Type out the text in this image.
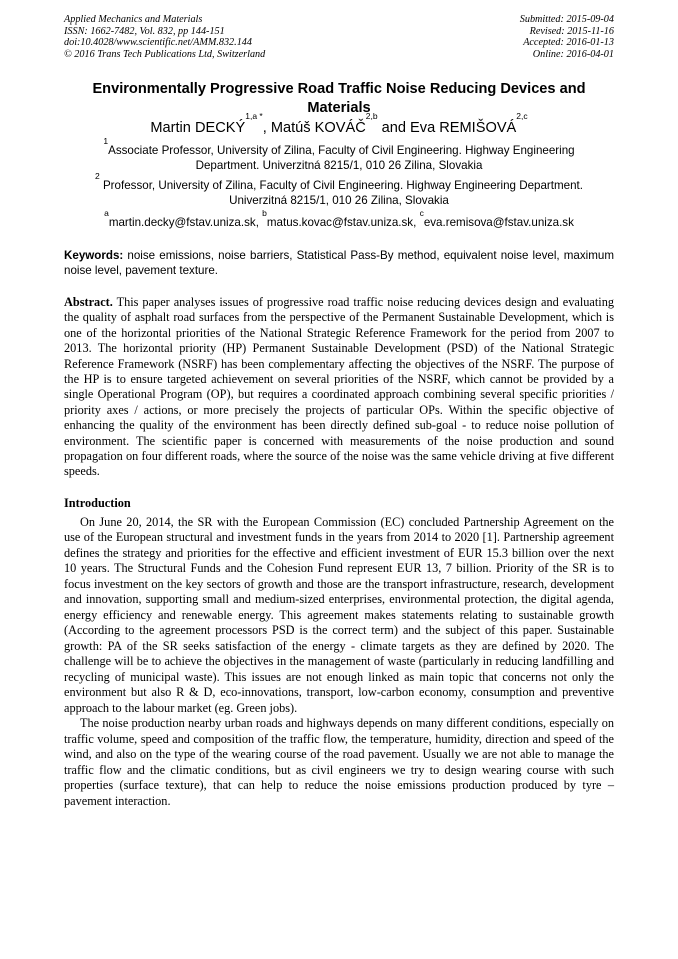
Applied Mechanics and Materials
ISSN: 1662-7482, Vol. 832, pp 144-151
doi:10.4028/www.scientific.net/AMM.832.144
© 2016 Trans Tech Publications Ltd, Switzerland
Submitted: 2015-09-04
Revised: 2015-11-16
Accepted: 2016-01-13
Online: 2016-04-01
Environmentally Progressive Road Traffic Noise Reducing Devices and Materials
Martin $DECKÝ^{1,a *}$, Matúš KOVÁČ$^{2,b}$ and Eva REMIŠOVÁ$^{2,c}$
$^1$Associate Professor, University of Zilina, Faculty of Civil Engineering. Highway Engineering Department. Univerzitná 8215/1, 010 26 Zilina, Slovakia
$^2$ Professor, University of Zilina, Faculty of Civil Engineering. Highway Engineering Department. Univerzitná 8215/1, 010 26 Zilina, Slovakia
$^a$martin.decky@fstav.uniza.sk, $^b$matus.kovac@fstav.uniza.sk, $^c$eva.remisova@fstav.uniza.sk
Keywords: noise emissions, noise barriers, Statistical Pass-By method, equivalent noise level, maximum noise level, pavement texture.
Abstract. This paper analyses issues of progressive road traffic noise reducing devices design and evaluating the quality of asphalt road surfaces from the perspective of the Permanent Sustainable Development, which is one of the horizontal priorities of the National Strategic Reference Framework for the period from 2007 to 2013. The horizontal priority (HP) Permanent Sustainable Development (PSD) of the National Strategic Reference Framework (NSRF) has been complementary affecting the objectives of the NSRF. The purpose of the HP is to ensure targeted achievement on several priorities of the NSRF, which cannot be provided by a single Operational Program (OP), but requires a coordinated approach combining several specific priorities / priority axes / actions, or more precisely the projects of particular OPs. Within the specific objective of enhancing the quality of the environment has been directly defined sub-goal - to reduce noise pollution of environment. The scientific paper is concerned with measurements of the noise production and sound propagation on four different roads, where the source of the noise was the same vehicle driving at five different speeds.
Introduction

On June 20, 2014, the SR with the European Commission (EC) concluded Partnership Agreement on the use of the European structural and investment funds in the years from 2014 to 2020 [1]. Partnership agreement defines the strategy and priorities for the effective and efficient investment of EUR 15.3 billion over the next 10 years. The Structural Funds and the Cohesion Fund represent EUR 13, 7 billion. Priority of the SR is to focus investment on the key sectors of growth and those are the transport infrastructure, research, development and innovation, supporting small and medium-sized enterprises, environmental protection, the digital agenda, energy efficiency and renewable energy. This agreement makes statements relating to sustainable growth (According to the agreement processors PSD is the correct term) and the subject of this paper. Sustainable growth: PA of the SR seeks satisfaction of the energy - climate targets as they are defined by 2020. The challenge will be to achieve the objectives in the management of waste (particularly in reducing landfilling and recycling of municipal waste). This issues are not enough linked as main topic that concerns not only the environment but also R & D, eco-innovations, transport, low-carbon economy, consumption and preventive approach to the labour market (eg. Green jobs).

The noise production nearby urban roads and highways depends on many different conditions, especially on traffic volume, speed and composition of the traffic flow, the temperature, humidity, direction and speed of the wind, and also on the type of the wearing course of the road pavement. Usually we are not able to manage the traffic flow and the climatic conditions, but as civil engineers we try to design wearing course with such properties (surface texture), that can help to reduce the noise emissions production produced by tyre – pavement interaction.
